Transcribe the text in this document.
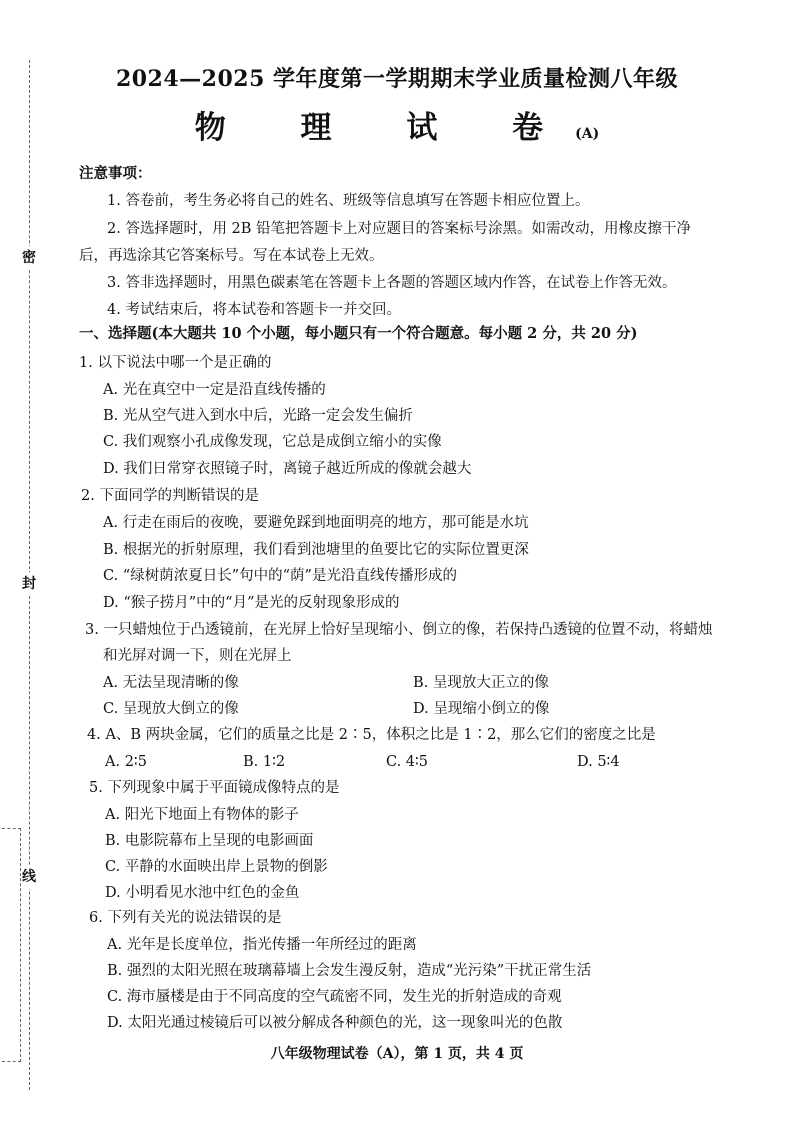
密
封
线
2024—2025 学年度第一学期期末学业质量检测八年级
物 理 试 卷(A)
注意事项：
1. 答卷前，考生务必将自己的姓名、班级等信息填写在答题卡相应位置上。
2. 答选择题时，用 2B 铅笔把答题卡上对应题目的答案标号涂黑。如需改动，用橡皮擦干净
后，再选涂其它答案标号。写在本试卷上无效。
3. 答非选择题时，用黑色碳素笔在答题卡上各题的答题区域内作答，在试卷上作答无效。
4. 考试结束后，将本试卷和答题卡一并交回。
一、选择题(本大题共 10 个小题，每小题只有一个符合题意。每小题 2 分，共 20 分)
1. 以下说法中哪一个是正确的
A. 光在真空中一定是沿直线传播的
B. 光从空气进入到水中后，光路一定会发生偏折
C. 我们观察小孔成像发现，它总是成倒立缩小的实像
D. 我们日常穿衣照镜子时，离镜子越近所成的像就会越大
2. 下面同学的判断错误的是
A. 行走在雨后的夜晚，要避免踩到地面明亮的地方，那可能是水坑
B. 根据光的折射原理，我们看到池塘里的鱼要比它的实际位置更深
C. “绿树荫浓夏日长”句中的“荫”是光沿直线传播形成的
D. “猴子捞月”中的“月”是光的反射现象形成的
3. 一只蜡烛位于凸透镜前，在光屏上恰好呈现缩小、倒立的像，若保持凸透镜的位置不动，将蜡烛
和光屏对调一下，则在光屏上
A. 无法呈现清晰的像	B. 呈现放大正立的像
C. 呈现放大倒立的像	D. 呈现缩小倒立的像
4. A、B 两块金属，它们的质量之比是 2∶5，体积之比是 1∶2，那么它们的密度之比是
A. 2∶5	B. 1∶2	C. 4∶5	D. 5∶4
5. 下列现象中属于平面镜成像特点的是
A. 阳光下地面上有物体的影子
B. 电影院幕布上呈现的电影画面
C. 平静的水面映出岸上景物的倒影
D. 小明看见水池中红色的金鱼
6. 下列有关光的说法错误的是
A. 光年是长度单位，指光传播一年所经过的距离
B. 强烈的太阳光照在玻璃幕墙上会发生漫反射，造成“光污染”干扰正常生活
C. 海市蜃楼是由于不同高度的空气疏密不同，发生光的折射造成的奇观
D. 太阳光通过棱镜后可以被分解成各种颜色的光，这一现象叫光的色散
八年级物理试卷（A），第 1 页，共 4 页
